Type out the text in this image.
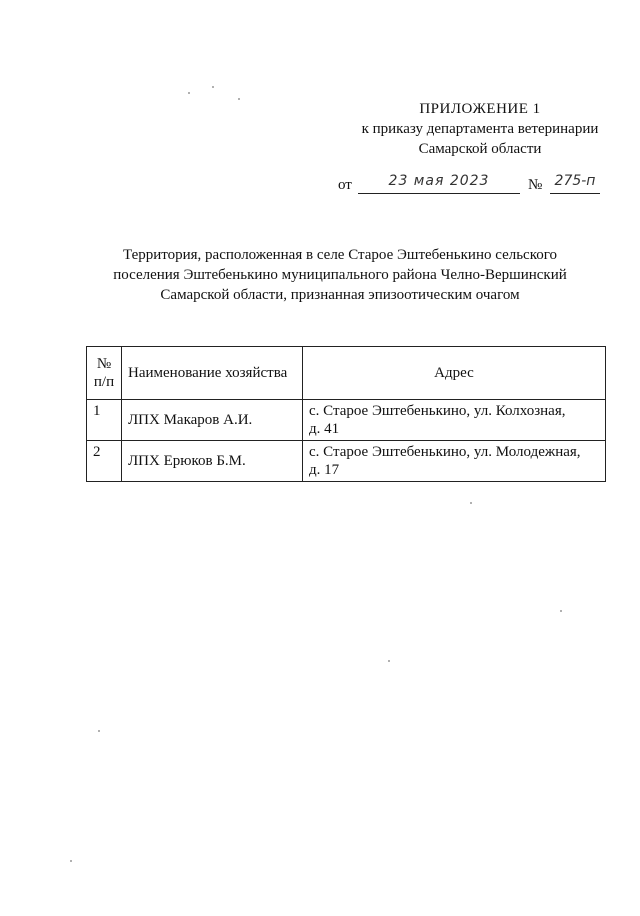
ПРИЛОЖЕНИЕ 1
к приказу департамента ветеринарии
Самарской области
от	23 мая 2023	№ 275-п
Территория, расположенная в селе Старое Эштебенькино сельского
поселения Эштебенькино муниципального района Челно-Вершинский
Самарской области, признанная эпизоотическим очагом
№
п/п	Наименование хозяйства	Адрес
1	ЛПХ Макаров А.И.	с. Старое Эштебенькино, ул. Колхозная,
д. 41

2	ЛПХ Ерюков Б.М.	с. Старое Эштебенькино, ул. Молодежная,
д. 17
